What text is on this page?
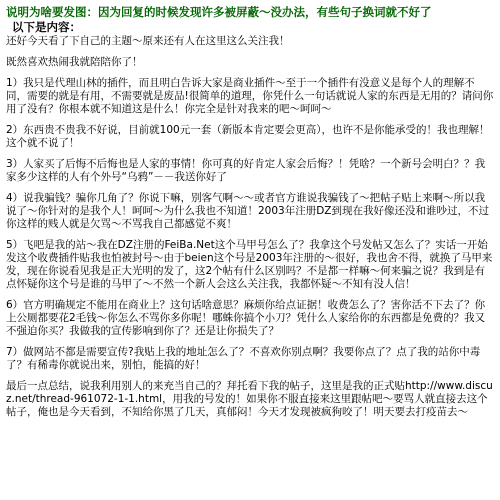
说明为啥要发图：因为回复的时候发现许多被屏蔽～没办法，有些句子换词就不好了

以下是内容：

还好今天看了下自己的主题～原来还有人在这里这么关注我！

既然喜欢热闹我就陪陪你了！

1）我只是代理山林的插件，而且明白告诉大家是商业插件～至于一个插件有没意义是每个人的理解不同，需要的就是有用，不需要就是废品!很简单的道理，你凭什么一句话就说人家的东西是无用的？请问你用了没有？你根本就不知道这是什么！你完全是针对我来的吧～呵呵～

2）东西贵不贵我不好说，目前就100元一套（新版本肯定要会更高），也许不是你能承受的！我也理解！这个就不说了！

3）人家买了后悔不后悔也是人家的事情！你可真的好肯定人家会后悔？！凭啥？一个新号会明白？？我家多少这样的人有个外号“乌鸦”－－我送你好了

4）说我骗钱？骗你几角了？你说下嘛，别客气啊～～或者官方谁说我骗钱了～把帖子贴上来啊～所以我说了～你针对的是我个人！呵呵～为什么我也不知道！2003年注册DZ到现在我好像还没和谁吵过，不过你这样的贱人就是欠骂～不骂我自己都感觉不爽！

5）飞吧是我的站～我在DZ注册的FeiBa.Net这个马甲号怎么了？我拿这个号发帖又怎么了？实话一开始发这个收费插件贴我也怕被封号～由于beien这个号是2003年注册的～很好，我也舍不得，就换了马甲来发，现在你说看见我是正大光明的发了，这2个帖有什么区别吗？不是都一样嘛～何来骗之说？我到是有点怀疑你这个号是谁的马甲了～不然一个新人会这么关注我，我都怀疑～不知有没人信！

6）官方明确规定不能用在商业上？这句话啥意思？麻烦你给点证据！收费怎么了？害你活不下去了？你上公厕都要花2毛钱～你怎么不骂你多你呢！哪蛛你搞个小刀？凭什么人家给你的东西都是免费的？我又不强迫你买？我做我的宣传影响到你了？还是让你损失了？

7）做网站不都是需要宣传?我贴上我的地址怎么了？不喜欢你别点啊？我要你点了？点了我的站你中毒了？有稀毒你就说出来，别怕，能搞的好！

最后一点总结，说我利用别人的来充当自己的？拜托看下我的帖子，这里是我的正式贴http://www.discuz.net/thread-961072-1-1.html，用我的号发的！如果你不服直接来这里跟帖吧～要骂人就直接去这个帖子，俺也是今天看到，不知给你黑了几天，真郁闷！今天才发现被疯狗咬了！明天要去打疫苗去～
